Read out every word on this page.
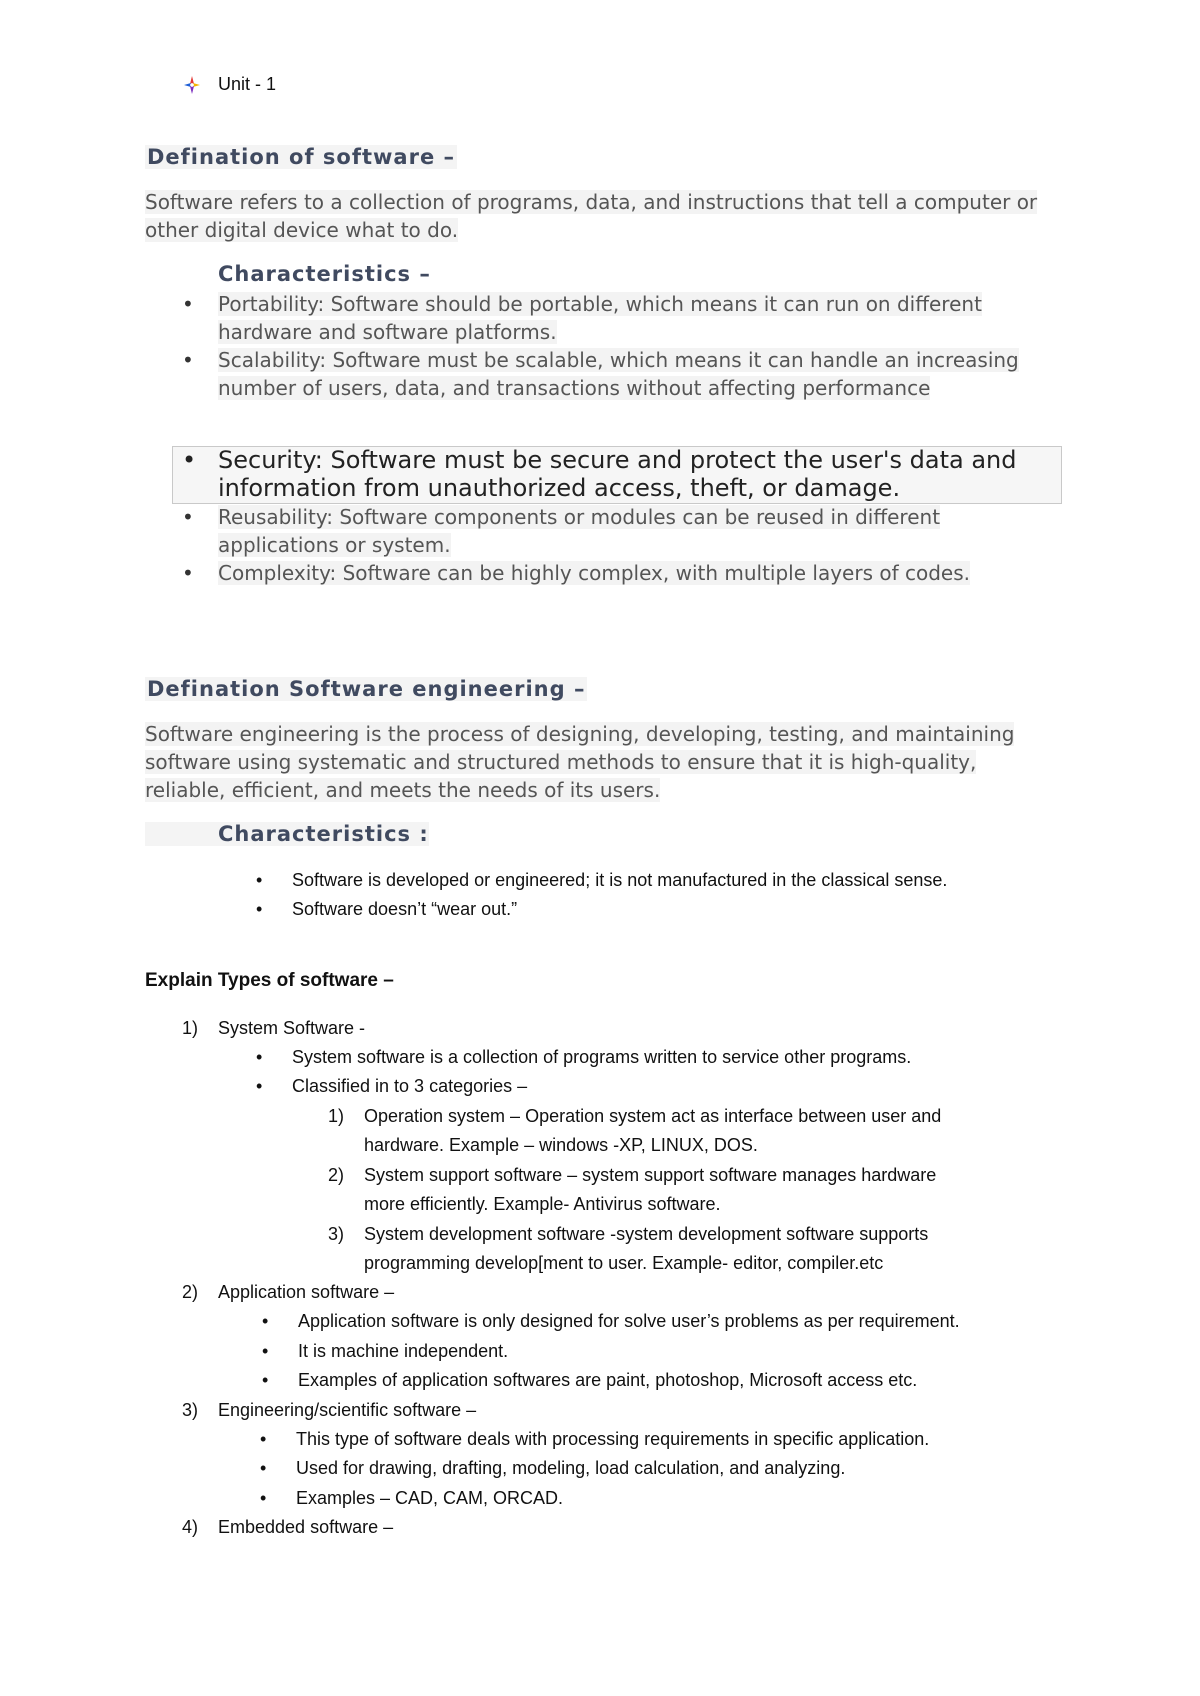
Unit - 1
Defination of software –
Software refers to a collection of programs, data, and instructions that tell a computer or other digital device what to do.
Characteristics –
• Portability: Software should be portable, which means it can run on different hardware and software platforms.
• Scalability: Software must be scalable, which means it can handle an increasing number of users, data, and transactions without affecting performance
• Security: Software must be secure and protect the user's data and information from unauthorized access, theft, or damage.
• Reusability: Software components or modules can be reused in different applications or system.
• Complexity: Software can be highly complex, with multiple layers of codes.
Defination Software engineering –
Software engineering is the process of designing, developing, testing, and maintaining software using systematic and structured methods to ensure that it is high-quality, reliable, efficient, and meets the needs of its users.
Characteristics :
• Software is developed or engineered; it is not manufactured in the classical sense.
• Software doesn’t “wear out.”
Explain Types of software –
1) System Software -
• System software is a collection of programs written to service other programs.
• Classified in to 3 categories –
1) Operation system – Operation system act as interface between user and
hardware. Example – windows -XP, LINUX, DOS.
2) System support software – system support software manages hardware
more efficiently. Example- Antivirus software.
3) System development software -system development software supports
programming develop[ment to user. Example- editor, compiler.etc
2) Application software –
• Application software is only designed for solve user’s problems as per requirement.
• It is machine independent.
• Examples of application softwares are paint, photoshop, Microsoft access etc.
3) Engineering/scientific software –
• This type of software deals with processing requirements in specific application.
• Used for drawing, drafting, modeling, load calculation, and analyzing.
• Examples – CAD, CAM, ORCAD.
4) Embedded software –
